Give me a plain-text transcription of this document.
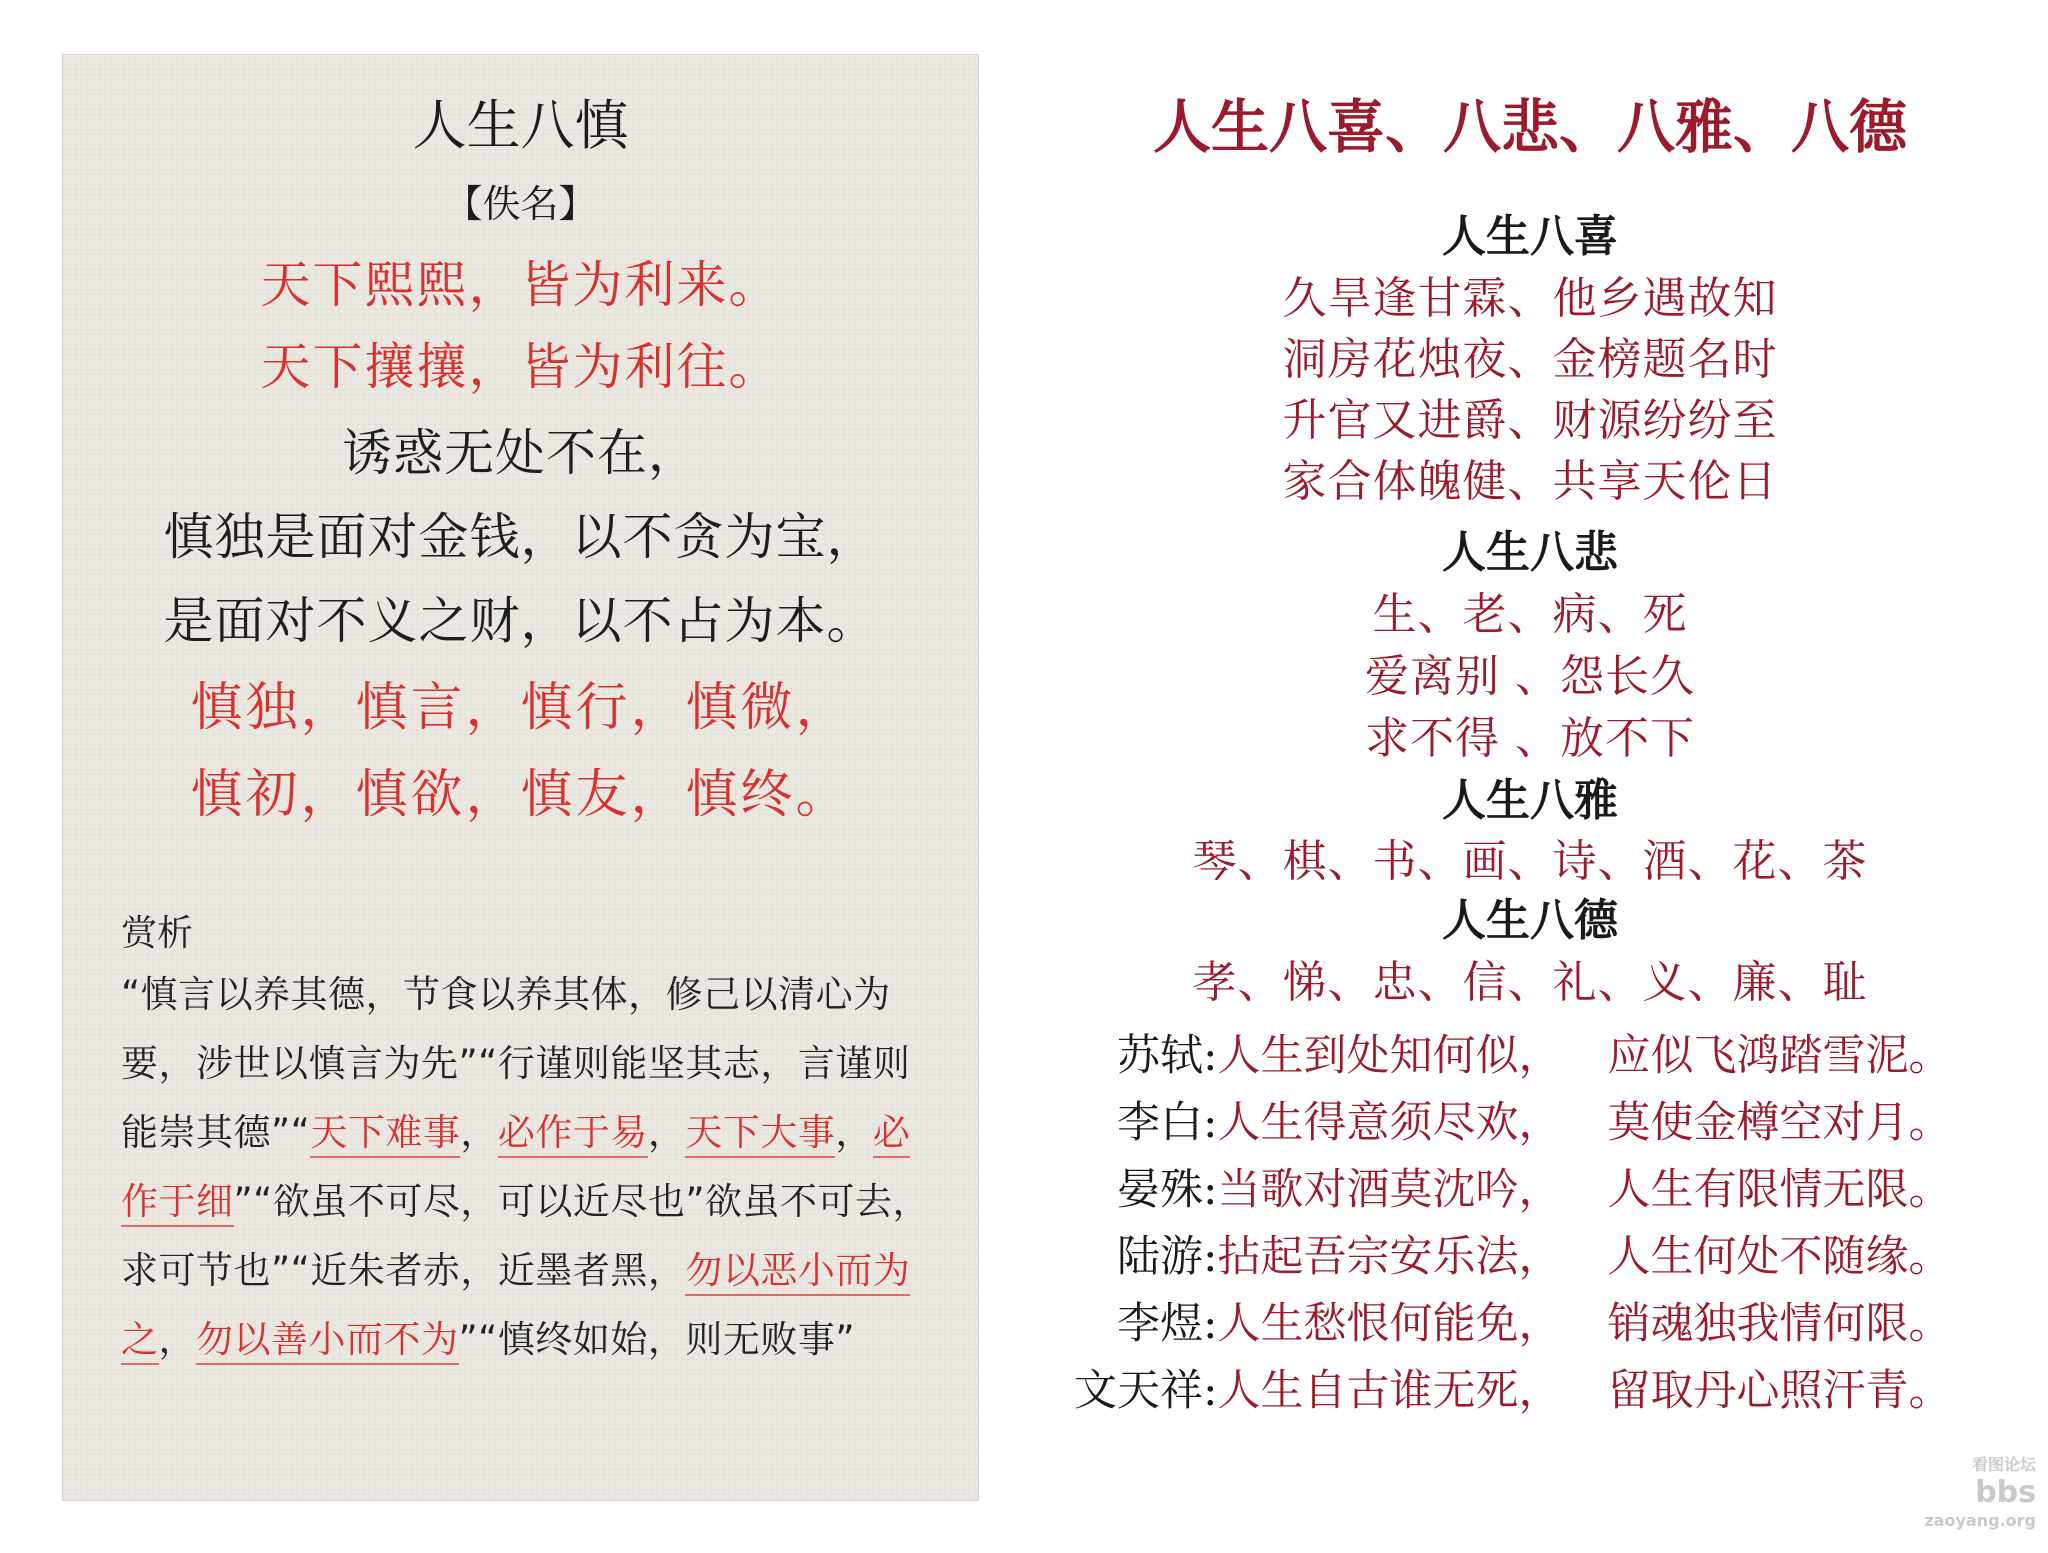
人生八慎
【佚名】
天下熙熙，皆为利来。
天下攘攘，皆为利往。
诱惑无处不在，
慎独是面对金钱，以不贪为宝，
是面对不义之财，以不占为本。
慎独，慎言，慎行，慎微，
慎初，慎欲，慎友，慎终。
赏析
“慎言以养其德，节食以养其体，修己以清心为要，涉世以慎言为先”“行谨则能坚其志，言谨则能崇其德”“天下难事，必作于易，天下大事，必作于细”“欲虽不可尽，可以近尽也”欲虽不可去，求可节也”“近朱者赤，近墨者黑，勿以恶小而为之，勿以善小而不为”“慎终如始，则无败事”
人生八喜、八悲、八雅、八德
人生八喜
久旱逢甘霖、他乡遇故知
洞房花烛夜、金榜题名时
升官又进爵、财源纷纷至
家合体魄健、共享天伦日
人生八悲
生、老、病、死
爱离别 、怨长久
求不得 、放不下
人生八雅
琴、棋、书、画、诗、酒、花、茶
人生八德
孝、悌、忠、信、礼、义、廉、耻
苏轼:人生到处知何似， 应似飞鸿踏雪泥。
李白:人生得意须尽欢， 莫使金樽空对月。
晏殊:当歌对酒莫沈吟， 人生有限情无限。
陆游:拈起吾宗安乐法， 人生何处不随缘。
李煜:人生愁恨何能免， 销魂独我情何限。
文天祥:人生自古谁无死， 留取丹心照汗青。
看图论坛
bbs
zaoyang.org
